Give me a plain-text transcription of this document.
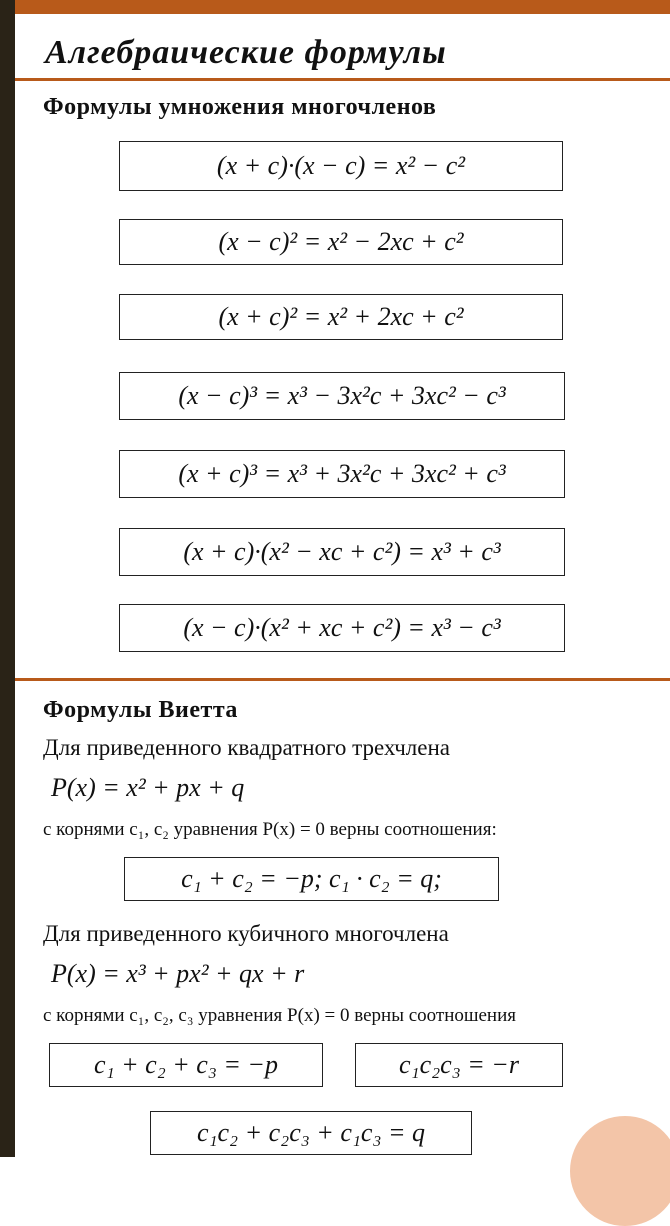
Алгебраические формулы
Формулы умножения многочленов
(x + c)·(x − c) = x² − c²
(x − c)² = x² − 2xc + c²
(x + c)² = x² + 2xc + c²
(x − c)³ = x³ − 3x²c + 3xc² − c³
(x + c)³ = x³ + 3x²c + 3xc² + c³
(x + c)·(x² − xc + c²) = x³ + c³
(x − c)·(x² + xc + c²) = x³ − c³
Формулы Виетта

Для приведенного квадратного трехчлена

P(x) = x² + px + q

с корнями c₁, c₂ уравнения P(x) = 0 верны соотношения:

c₁ + c₂ = −p; c₁ · c₂ = q;

Для приведенного кубичного многочлена

P(x) = x³ + px² + qx + r

с корнями c₁, c₂, c₃ уравнения P(x) = 0 верны соотношения

c₁ + c₂ + c₃ = −p	c₁c₂c₃ = −r
c₁c₂ + c₂c₃ + c₁c₃ = q
